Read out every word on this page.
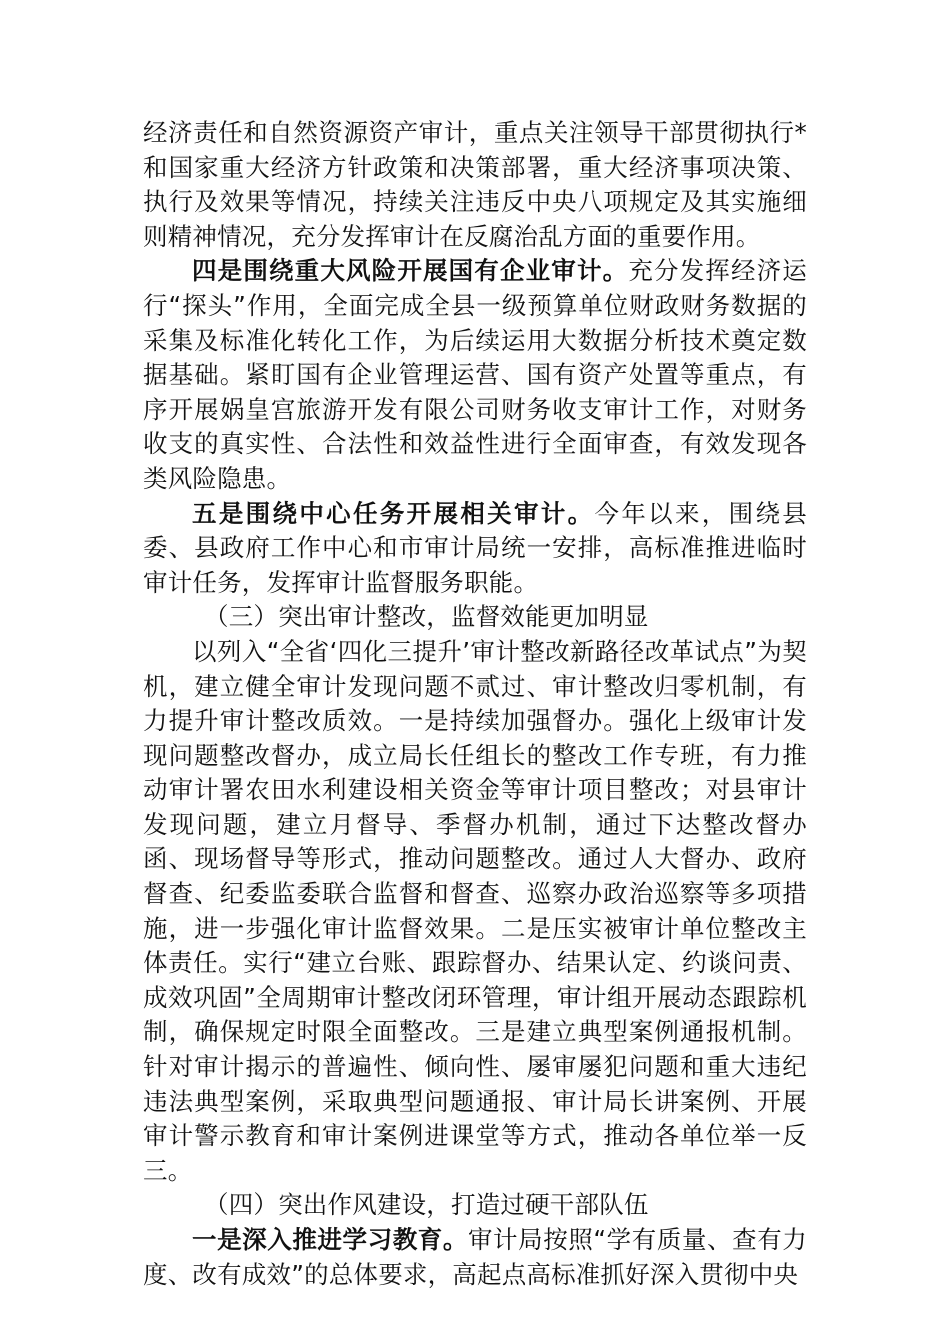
经济责任和自然资源资产审计，重点关注领导干部贯彻执行*和国家重大经济方针政策和决策部署，重大经济事项决策、执行及效果等情况，持续关注违反中央八项规定及其实施细则精神情况，充分发挥审计在反腐治乱方面的重要作用。

四是围绕重大风险开展国有企业审计。充分发挥经济运行“探头”作用，全面完成全县一级预算单位财政财务数据的采集及标准化转化工作，为后续运用大数据分析技术奠定数据基础。紧盯国有企业管理运营、国有资产处置等重点，有序开展娲皇宫旅游开发有限公司财务收支审计工作，对财务收支的真实性、合法性和效益性进行全面审查，有效发现各类风险隐患。

五是围绕中心任务开展相关审计。今年以来，围绕县委、县政府工作中心和市审计局统一安排，高标准推进临时审计任务，发挥审计监督服务职能。

（三）突出审计整改，监督效能更加明显

以列入“全省‘四化三提升’审计整改新路径改革试点”为契机，建立健全审计发现问题不贰过、审计整改归零机制，有力提升审计整改质效。一是持续加强督办。强化上级审计发现问题整改督办，成立局长任组长的整改工作专班，有力推动审计署农田水利建设相关资金等审计项目整改；对县审计发现问题，建立月督导、季督办机制，通过下达整改督办函、现场督导等形式，推动问题整改。通过人大督办、政府督查、纪委监委联合监督和督查、巡察办政治巡察等多项措施，进一步强化审计监督效果。二是压实被审计单位整改主体责任。实行“建立台账、跟踪督办、结果认定、约谈问责、成效巩固”全周期审计整改闭环管理，审计组开展动态跟踪机制，确保规定时限全面整改。三是建立典型案例通报机制。针对审计揭示的普遍性、倾向性、屡审屡犯问题和重大违纪违法典型案例，采取典型问题通报、审计局长讲案例、开展审计警示教育和审计案例进课堂等方式，推动各单位举一反三。

（四）突出作风建设，打造过硬干部队伍

一是深入推进学习教育。审计局按照“学有质量、查有力度、改有成效”的总体要求，高起点高标准抓好深入贯彻中央
